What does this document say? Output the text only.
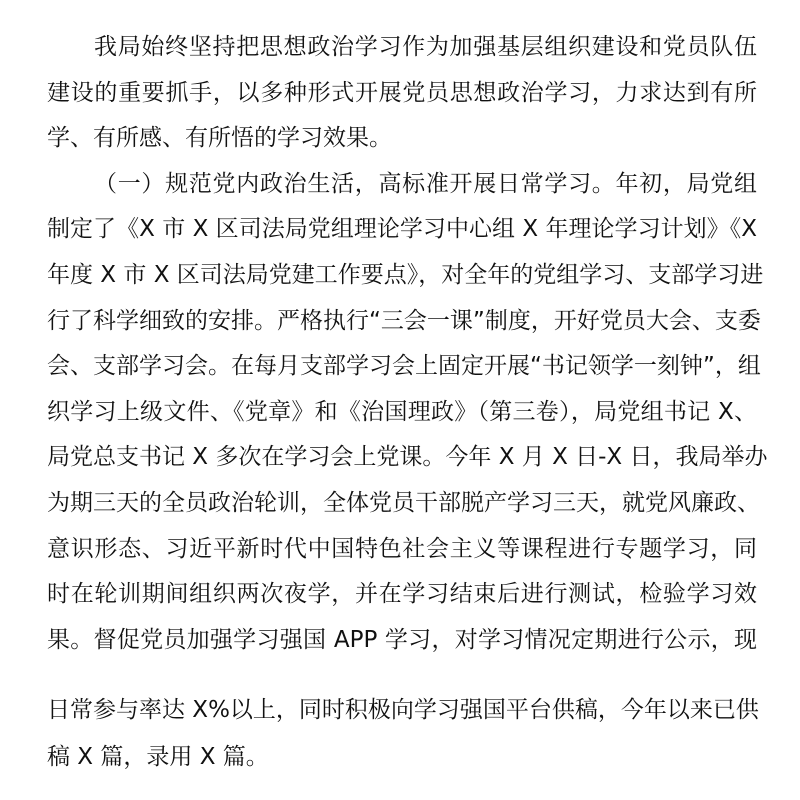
我局始终坚持把思想政治学习作为加强基层组织建设和党员队伍
建设的重要抓手，以多种形式开展党员思想政治学习，力求达到有所
学、有所感、有所悟的学习效果。
（一）规范党内政治生活，高标准开展日常学习。年初，局党组
制定了《X 市 X 区司法局党组理论学习中心组 X 年理论学习计划》《X
年度 X 市 X 区司法局党建工作要点》，对全年的党组学习、支部学习进
行了科学细致的安排。严格执行“三会一课”制度，开好党员大会、支委
会、支部学习会。在每月支部学习会上固定开展“书记领学一刻钟”，组
织学习上级文件、《党章》和《治国理政》（第三卷），局党组书记 X、
局党总支书记 X 多次在学习会上党课。今年 X 月 X 日-X 日，我局举办
为期三天的全员政治轮训，全体党员干部脱产学习三天，就党风廉政、
意识形态、习近平新时代中国特色社会主义等课程进行专题学习，同
时在轮训期间组织两次夜学，并在学习结束后进行测试，检验学习效
果。督促党员加强学习强国 APP 学习，对学习情况定期进行公示，现
日常参与率达 X%以上，同时积极向学习强国平台供稿，今年以来已供
稿 X 篇，录用 X 篇。
